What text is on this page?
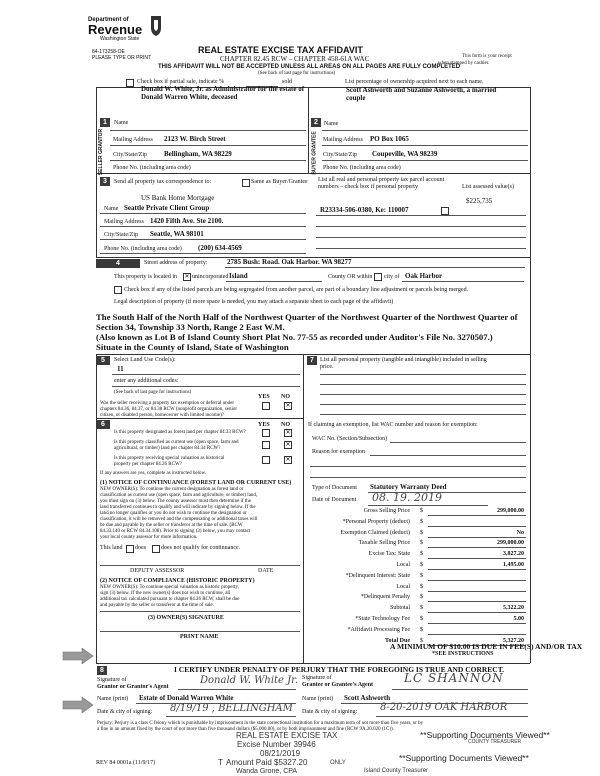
Department of
Revenue
Washington State
84-173258-OE
PLEASE TYPE OR PRINT
REAL ESTATE EXCISE TAX AFFIDAVIT
CHAPTER 82.45 RCW – CHAPTER 458-61A WAC
THIS AFFIDAVIT WILL NOT BE ACCEPTED UNLESS ALL AREAS ON ALL PAGES ARE FULLY COMPLETED
(See back of last page for instructions)
This form is your receipt
when stamped by cashier.
Check box if partial sale, indicate %	sold	List percentage of ownership acquired next to each name.
1
SELLER GRANTOR
Name
Donald W. White, Jr. as Administrator for the estate of
Donald Warren White, deceased
Mailing Address 2123 W. Birch Street
City/State/Zip Bellingham, WA 98229
Phone No. (including area code)
2
BUYER GRANTEE
Name
Scott Ashworth and Suzanne Ashworth, a married
couple
Mailing Address PO Box 1065
City/State/Zip Coupeville, WA 98239
Phone No. (including area code)
3	Send all property tax correspondence to:	Same as Buyer/Grantee
US Bank Home Mortgage
Name Seattle Private Client Group
Mailing Address 1420 Fifth Ave. Ste 2100.
City/State/Zip Seattle, WA 98101
Phone No. (including area code) (200) 634-4569
List all real and personal property tax parcel account
numbers – check box if personal property	List assessed value(s)
$225,735
R23334-506-0380, Ke: 110007
4	Street address of property:	2785 Bush: Road. Oak Harbor. WA 98277
This property is located in ✕ unincorporated Island	County OR within city of Oak Harbor
Check box if any of the listed parcels are being segregated from another parcel, are part of a boundary line adjustment or parcels being merged.
Legal description of property (if more space is needed, you may attach a separate sheet to each page of the affidavit)
The South Half of the North Half of the Northwest Quarter of the Northwest Quarter of the Northwest Quarter of
Section 34, Township 33 North, Range 2 East W.M.
(Also known as Lot B of Island County Short Plat No. 77-55 as recorded under Auditor's File No. 3270507.)
Situate in the County of Island, State of Washington
5	Select Land Use Code(s):
11
enter any additional codes:
(See back of last page for instructions)
YES NO
Was the seller receiving a property tax exemption or deferral under
chapters 84.36, 84.37, or 84.38 RCW (nonprofit organization, senior
citizen, or disabled person, homeowner with limited income)?
✕
7	List all personal property (tangible and intangible) included in selling
price.
6	YES NO
Is this property designated as forest land per chapter 84.33 RCW?	✕
Is this property classified as current use (open space, farm and
agricultural, or timber) land per chapter 84.34 RCW?
✕
Is this property receiving special valuation as historical
property per chapter 84.26 RCW?
✕
If any answers are yes, complete as instructed below.
(1) NOTICE OF CONTINUANCE (FOREST LAND OR CURRENT USE)
NEW OWNER(S): To continue the current designation as forest land or
classification as current use (open space, farm and agriculture, or timber) land,
you must sign on (3) below. The county assessor must then determine if the
land transferred continues to qualify and will indicate by signing below. If the
land no longer qualifies or you do not wish to continue the designation or
classification, it will be removed and the compensating or additional taxes will
be due and payable by the seller or transferor at the time of sale. (RCW
84.33.140 or RCW 84.34.108). Prior to signing (3) below, you may contact
your local county assessor for more information.
This land does	does not qualify for continuance.
DEPUTY ASSESSOR	DATE
(2) NOTICE OF COMPLIANCE (HISTORIC PROPERTY)
NEW OWNER(S): To continue special valuation as historic property,
sign (3) below. If the new owner(s) does not wish to continue, all
additional tax calculated pursuant to chapter 84.26 RCW, shall be due
and payable by the seller or transferor at the time of sale.
(3) OWNER(S) SIGNATURE
PRINT NAME
If claiming an exemption, list WAC number and reason for exemption:
WAC No. (Section/Subsection)
Reason for exemption
Type of Document Statutory Warranty Deed
Date of Document 08. 19. 2019
Gross Selling Price $	299,000.00
*Personal Property (deduct) $
Exemption Claimed (deduct) $	No
Taxable Selling Price $	299,000.00
Excise Tax: State $	3,827.20
Local $	1,495.00
*Delinquent Interest: State $
Local $
*Delinquent Penalty $
Subtotal $	5,322.20
*State Technology Fee $	5.00
*Affidavit Processing Fee $
Total Due $	5,327.20
A MINIMUM OF $10.00 IS DUE IN FEE(S) AND/OR TAX
*SEE INSTRUCTIONS
8	I CERTIFY UNDER PENALTY OF PERJURY THAT THE FOREGOING IS TRUE AND CORRECT.
Signature of
Grantor or Grantor's Agent
Donald W. White Jr.
Name (print) Estate of Donald Warren White
Date & city of signing: 8/19/19 , BELLINGHAM
Signature of
Grantee or Grantee's Agent	LC SHANNON
Name (print) Scott Ashworth
Date & city of signing: 8-20-2019 OAK HARBOR
Perjury: Perjury is a class C felony which is punishable by imprisonment in the state correctional institution for a maximum term of not more than five years, or by
a fine in an amount fixed by the court of not more than five thousand dollars ($5,000.00), or by both imprisonment and fine (RCW 9A.20.020 (1C)).
REAL ESTATE EXCISE TAX
Excise Number 39946
08/21/2019
T Amount Paid $5327.20	ONLY
Wanda Grone, CPA	Island County Treasurer
COUNTY TREASURER
REV 84 0001a (11/9/17)
**Supporting Documents Viewed**
**Supporting Documents Viewed**
